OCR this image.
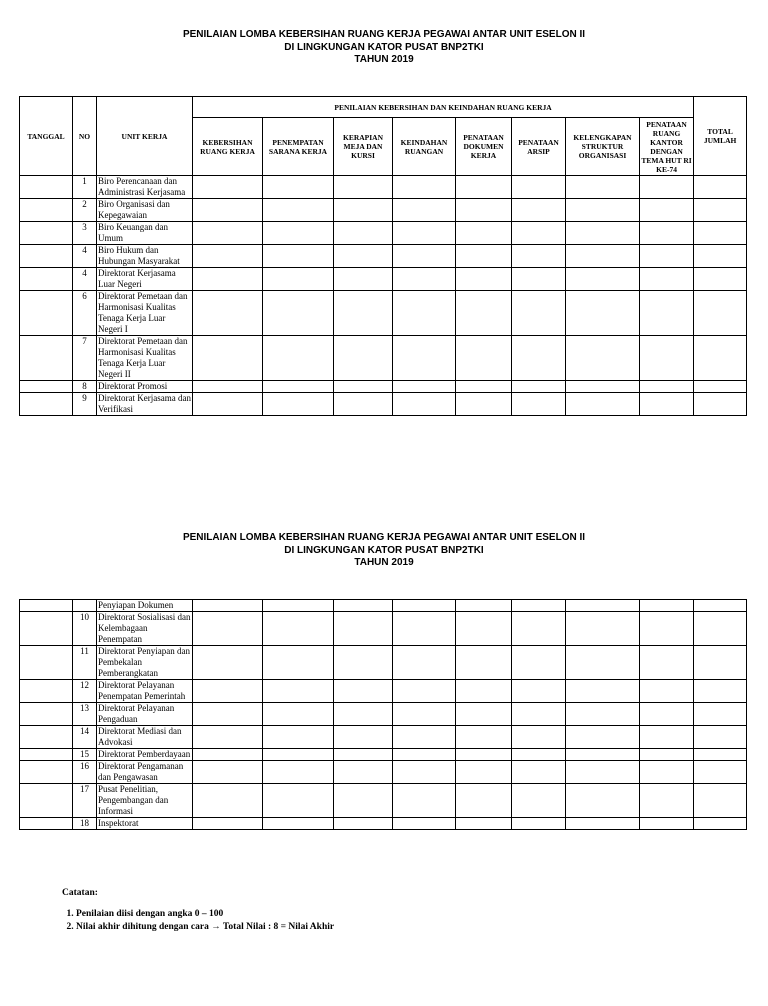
PENILAIAN LOMBA KEBERSIHAN RUANG KERJA PEGAWAI ANTAR UNIT ESELON II
DI LINGKUNGAN KATOR PUSAT BNP2TKI
TAHUN 2019
TANGGAL	NO	UNIT KERJA	PENILAIAN KEBERSIHAN DAN KEINDAHAN RUANG KERJA								TOTAL JUMLAH
			KEBERSIHAN RUANG KERJA	PENEMPATAN SARANA KERJA	KERAPIAN MEJA DAN KURSI	KEINDAHAN RUANGAN	PENATAAN DOKUMEN KERJA	PENATAAN ARSIP	KELENGKAPAN STRUKTUR ORGANISASI	PENATAAN RUANG KANTOR DENGAN TEMA HUT RI KE-74	
	1	Biro Perencanaan dan Administrasi Kerjasama									
	2	Biro Organisasi dan Kepegawaian									
	3	Biro Keuangan dan Umum									
	4	Biro Hukum dan Hubungan Masyarakat									
	4	Direktorat Kerjasama Luar Negeri									
	6	Direktorat Pemetaan dan Harmonisasi Kualitas Tenaga Kerja Luar Negeri I									
	7	Direktorat Pemetaan dan Harmonisasi Kualitas Tenaga Kerja Luar Negeri II									
	8	Direktorat Promosi									
	9	Direktorat Kerjasama dan Verifikasi									
PENILAIAN LOMBA KEBERSIHAN RUANG KERJA PEGAWAI ANTAR UNIT ESELON II
DI LINGKUNGAN KATOR PUSAT BNP2TKI
TAHUN 2019
		Penyiapan Dokumen									
	10	Direktorat Sosialisasi dan Kelembagaan Penempatan									
	11	Direktorat Penyiapan dan Pembekalan Pemberangkatan									
	12	Direktorat Pelayanan Penempatan Pemerintah									
	13	Direktorat Pelayanan Pengaduan									
	14	Direktorat Mediasi dan Advokasi									
	15	Direktorat Pemberdayaan									
	16	Direktorat Pengamanan dan Pengawasan									
	17	Pusat Penelitian, Pengembangan dan Informasi									
	18	Inspektorat									
Catatan:
1. Penilaian diisi dengan angka 0 – 100
2. Nilai akhir dihitung dengan cara → Total Nilai : 8 = Nilai Akhir
